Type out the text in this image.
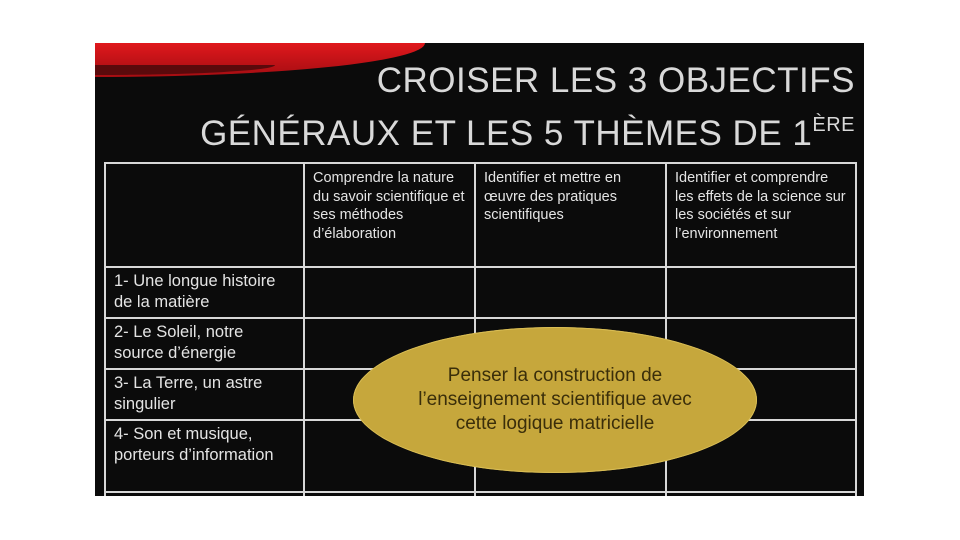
CROISER LES 3 OBJECTIFS
GÉNÉRAUX ET LES 5 THÈMES DE 1ÈRE
	Comprendre la nature du savoir scientifique et ses méthodes d’élaboration	Identifier et mettre en œuvre des pratiques scientifiques	Identifier et comprendre les effets de la science sur les sociétés et sur l’environnement
1- Une longue histoire de la matière			
2- Le Soleil, notre source d’énergie			
3- La Terre, un astre singulier			
4- Son et musique, porteurs d’information			

Penser la construction de l’enseignement scientifique avec cette logique matricielle
